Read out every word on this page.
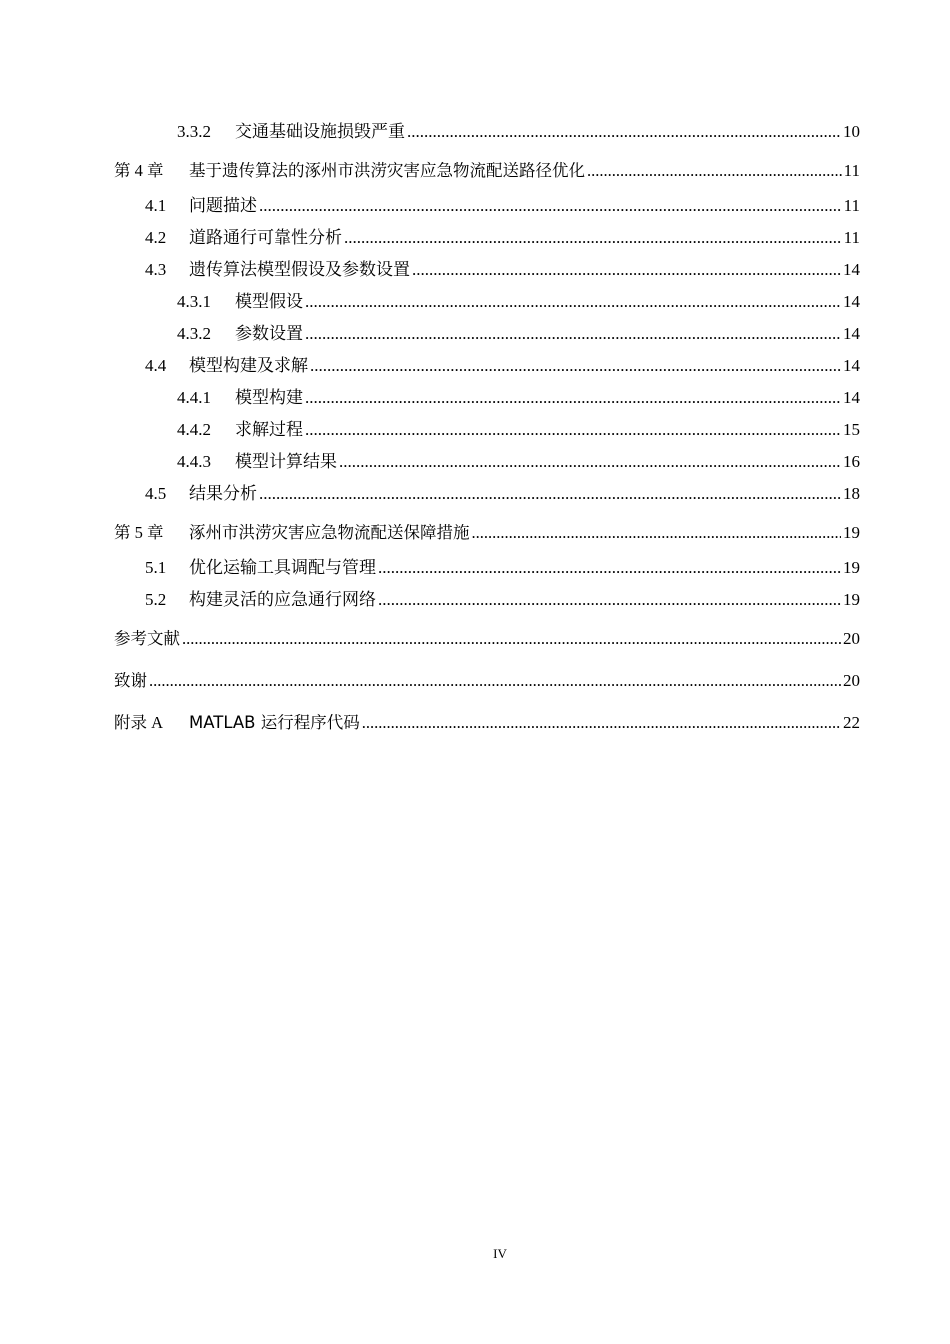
3.3.2	交通基础设施损毁严重 .....	10
第 4 章	基于遗传算法的涿州市洪涝灾害应急物流配送路径优化 .....	11
4.1	问题描述 .....	11
4.2	道路通行可靠性分析 .....	11
4.3	遗传算法模型假设及参数设置 .....	14
4.3.1	模型假设 .....	14
4.3.2	参数设置 .....	14
4.4	模型构建及求解 .....	14
4.4.1	模型构建 .....	14
4.4.2	求解过程 .....	15
4.4.3	模型计算结果 .....	16
4.5	结果分析 .....	18
第 5 章	涿州市洪涝灾害应急物流配送保障措施 .....	19
5.1	优化运输工具调配与管理 .....	19
5.2	构建灵活的应急通行网络 .....	19
参考文献 .....	20
致谢 .....	20
附录 A	MATLAB 运行程序代码 .....	22
IV
